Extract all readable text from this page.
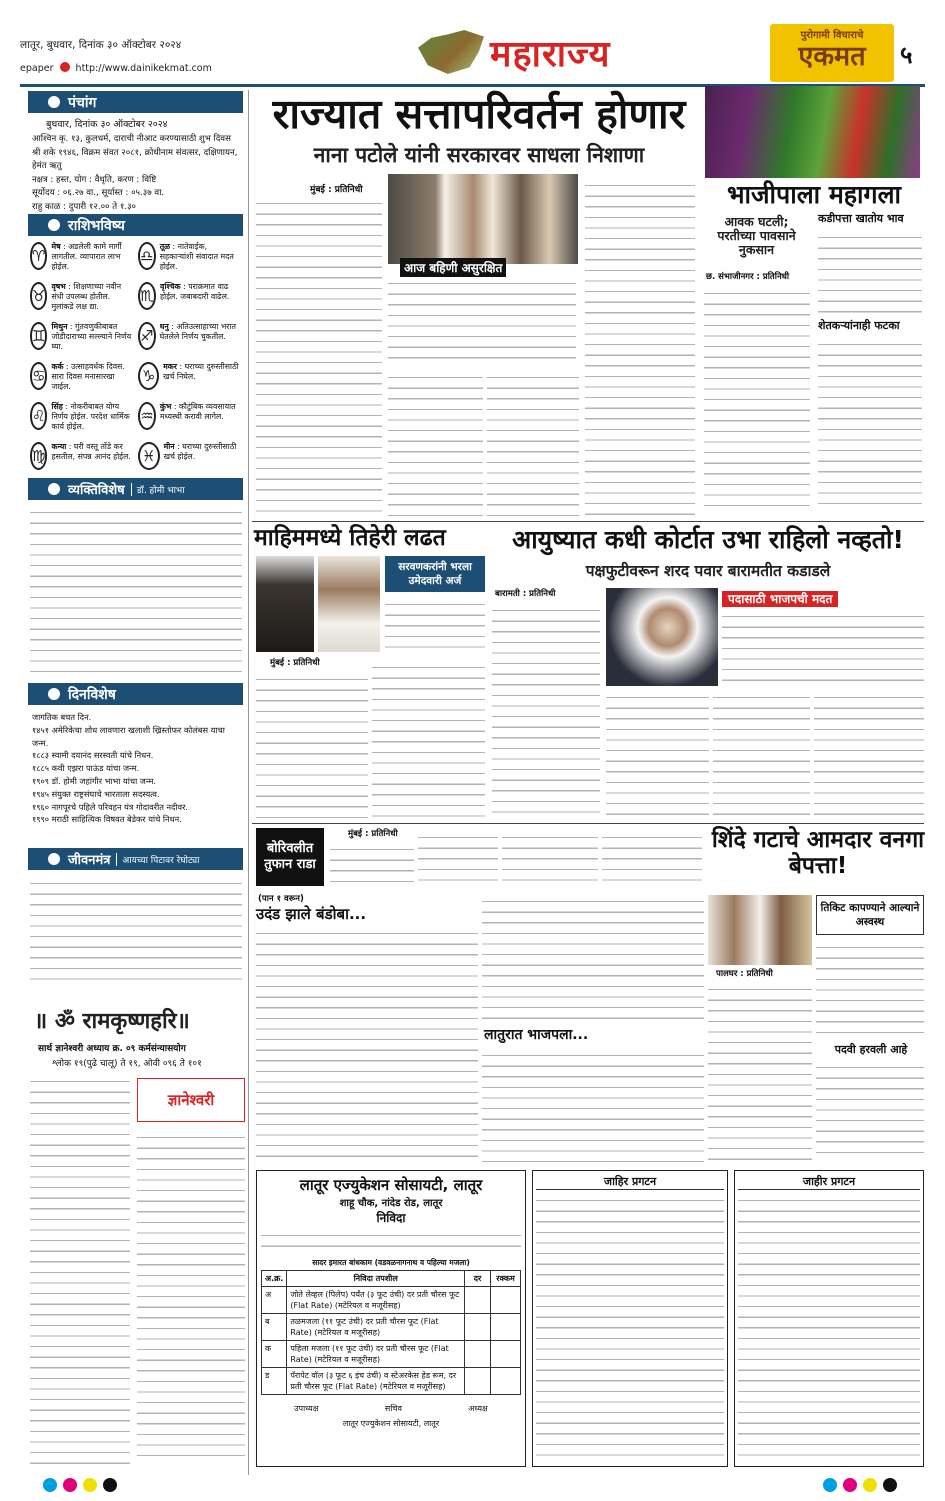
लातूर, बुधवार, दिनांक ३० ऑक्टोबर २०२४
epaper http://www.dainikekmat.com	महाराज्य	पुरोगामी विचाराचे
एकमत	५
पंचांग
बुधवार, दिनांक ३० ऑक्टोबर २०२४
आश्विन कृ. १३, कुलधर्म, दाराची नीआट करण्यासाठी शुभ दिवस
श्री शके १९४६, विक्रम संवत २०८१, क्रोधीनाम संवत्सर, दक्षिणायन, हेमंत ऋतु
नक्षत्र : हस्त, योग : वैधृति, करण : विष्टि
सूर्योदय : ०६.२७ वा., सूर्यास्त : ०५.३७ वा.
राहु काळ : दुपारी १२.०० ते १.३०
राशिभविष्य
♈
मेष : अडलेली कामे मार्गी लागतील. व्यापारात लाभ होईल.
♎
तूळ : नातेवाईक, सहकाऱ्यांशी संवादात मदत होईल.
♉
वृषभ : शिक्षणाच्या नवीन संधी उपलब्ध होतील. मुलांकडे लक्ष द्या.
♏
वृश्चिक : पराक्रमात वाढ होईल. जबाबदारी वाढेल.
♊
मिथुन : गुंतवणुकीबाबत जोडीदाराच्या सल्ल्याने निर्णय घ्या.
♐
धनु : अतिउत्साहाच्या भरात घेतलेले निर्णय चुकतील.
♋
कर्क : उत्साहवर्धक दिवस. सारा दिवस मनासारखा जाईल.
♑
मकर : घराच्या दुरुस्तीसाठी खर्च निघेल.
♌
सिंह : नोकरीबाबत योग्य निर्णय होईल. परदेश धार्मिक कार्य होईल.
♒
कुंभ : कौटुंबिक व्यवसायात मध्यस्थी करावी लागेल.
♍
कन्या : घरी वस्तू तोंडे कर हसतील, संपन्न आनंद होईल. ♓
मीन : घराच्या दुरुस्तीसाठी खर्च होईल.
व्यक्तिविशेष	डॉ. होमी भाभा
दिनविशेष
जागतिक बचत दिन.
१४५१ अमेरिकेचा शोध लावणारा खलाशी ख्रिस्तोफर कोलंबस याचा जन्म.
१८८३ स्वामी दयानंद सरस्वती यांचे निधन.
१८८५ कवी एझरा पाऊंड यांचा जन्म.
१९०९ डॉ. होमी जहांगीर भाभा यांचा जन्म.
१९४५ संयुक्त राष्ट्रसंघाचे भारताला सदस्यत्व.
१९६० नागपूरचे पहिले परिवहन यंत्र गोदावरीत नदीवर.
१९९० मराठी साहित्यिक विषवत बेडेकर यांचे निधन.
जीवनमंत्र	आयच्या पिटावर रेघोट्या
॥ ॐ रामकृष्णहरि॥
सार्थ ज्ञानेश्वरी अध्याय क्र. ०९ कर्मसंन्यासयोग
श्लोक १९(पुढे चालू) ते १९, ओवी ०९६ ते १०१
ज्ञानेश्वरी
राज्यात सत्तापरिवर्तन होणार
नाना पटोले यांनी सरकारवर साधला निशाणा
मुंबई : प्रतिनिधी
आज बहिणी असुरक्षित
भाजीपाला महागला
आवक घटली; परतीच्या पावसाने नुकसान
छ. संभाजीनगर : प्रतिनिधी
कडीपत्ता खातोय भाव
शेतकऱ्यांनाही फटका
माहिममध्ये तिहेरी लढत
सरवणकरांनी भरला उमेदवारी अर्ज
मुंबई : प्रतिनिधी
आयुष्यात कधी कोर्टात उभा राहिलो नव्हतो!
पक्षफुटीवरून शरद पवार बारामतीत कडाडले
बारामती : प्रतिनिधी	पदासाठी भाजपची मदत
बोरिवलीत तुफान राडा
मुंबई : प्रतिनिधी
(पान १ वरून)
उदंड झाले बंडोबा...
लातुरात भाजपला...
शिंदे गटाचे आमदार वनगा बेपत्ता!
तिकिट कापण्याने आल्याने अस्वस्थ
पालघर : प्रतिनिधी
पदवी हरवली आहे
लातूर एज्युकेशन सोसायटी, लातूर
शाहू चौक, नांदेड रोड, लातूर
निविदा
सादर इमारत बांधकाम (वडवळनागनाथ व पहिल्या मजला)
अ.क्र.	निविदा तपशील	दर	रक्कम
अ	जोते लेव्हल (पिलेप) पर्यंत (३ फूट उंची) दर प्रती चौरस फूट (Flat Rate) (मटेरियल व मजूरीसह)		
ब	तळमजला (११ फूट उंची) दर प्रती चौरस फूट (Flat Rate) (मटेरियल व मजूरीसह)		
क	पहिला मजला (११ फूट उंची) दर प्रती चौरस फूट (Flat Rate) (मटेरियल व मजूरीसह)		
ड	पॅरापेट वॉल (३ फूट ६ इंच उंची) व स्टेअरकेस हेड रूम, दर प्रती चौरस फूट (Flat Rate) (मटेरियल व मजूरीसह)		
उपाध्यक्ष	सचिव	अध्यक्ष
लातूर एज्युकेशन सोसायटी, लातूर
जाहिर प्रगटन	जाहीर प्रगटन
